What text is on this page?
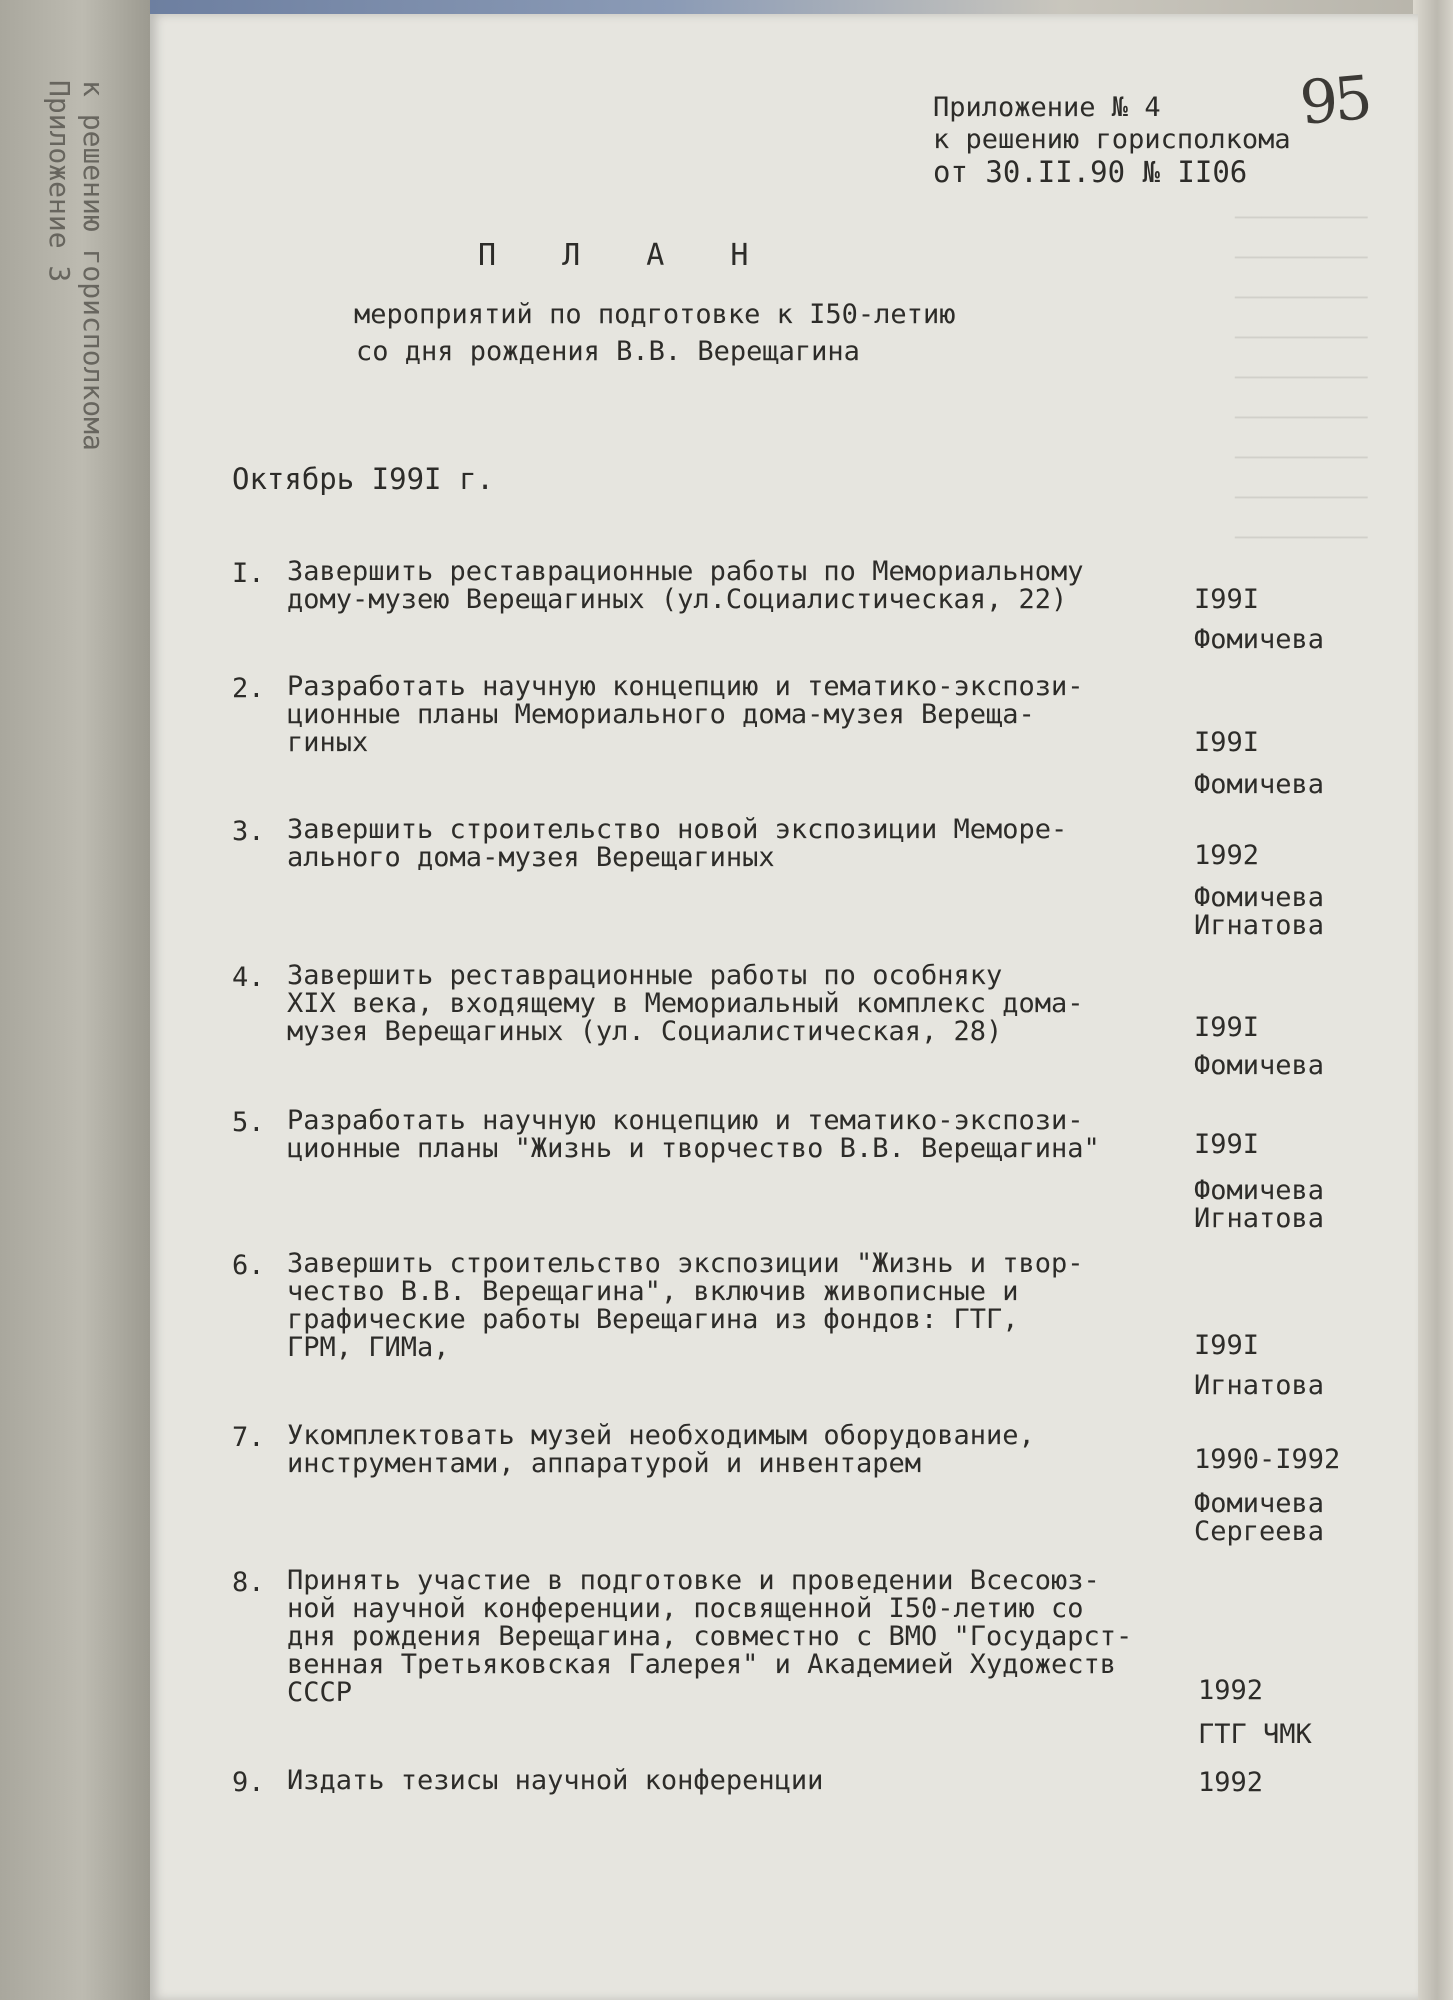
к решению горисполкома
Приложение 3	──────────
──────────
──────────
──────────
──────────
──────────
──────────
──────────
──────────
Приложение № 4
к решению горисполкома
от 30.II.90 № II06
95
П Л А Н
мероприятий по подготовке к I50-летию
со дня рождения В.В. Верещагина
Октябрь I99I г.
I. Завершить реставрационные работы по Мемориальному
дому-музею Верещагиных (ул.Социалистическая, 22)	I99I
Фомичева
2. Разработать научную концепцию и тематико-экспози-
ционные планы Мемориального дома-музея Вереща-
гиных	I99I
Фомичева
3. Завершить строительство новой экспозиции Меморе-
ального дома-музея Верещагиных	1992
Фомичева
Игнатова
4. Завершить реставрационные работы по особняку
XIX века, входящему в Мемориальный комплекс дома-
музея Верещагиных (ул. Социалистическая, 28)	I99I
Фомичева
5. Разработать научную концепцию и тематико-экспози-
ционные планы "Жизнь и творчество В.В. Верещагина"	I99I
Фомичева
Игнатова
6. Завершить строительство экспозиции "Жизнь и твор-
чество В.В. Верещагина", включив живописные и
графические работы Верещагина из фондов: ГТГ,
ГРМ, ГИМа,	I99I
Игнатова
7. Укомплектовать музей необходимым оборудование,
инструментами, аппаратурой и инвентарем	1990-I992
Фомичева
Сергеева
8. Принять участие в подготовке и проведении Всесоюз-
ной научной конференции, посвященной I50-летию со
дня рождения Верещагина, совместно с ВМО "Государст-
венная Третьяковская Галерея" и Академией Художеств
СССР	1992
ГТГ ЧМК
9. Издать тезисы научной конференции	1992
